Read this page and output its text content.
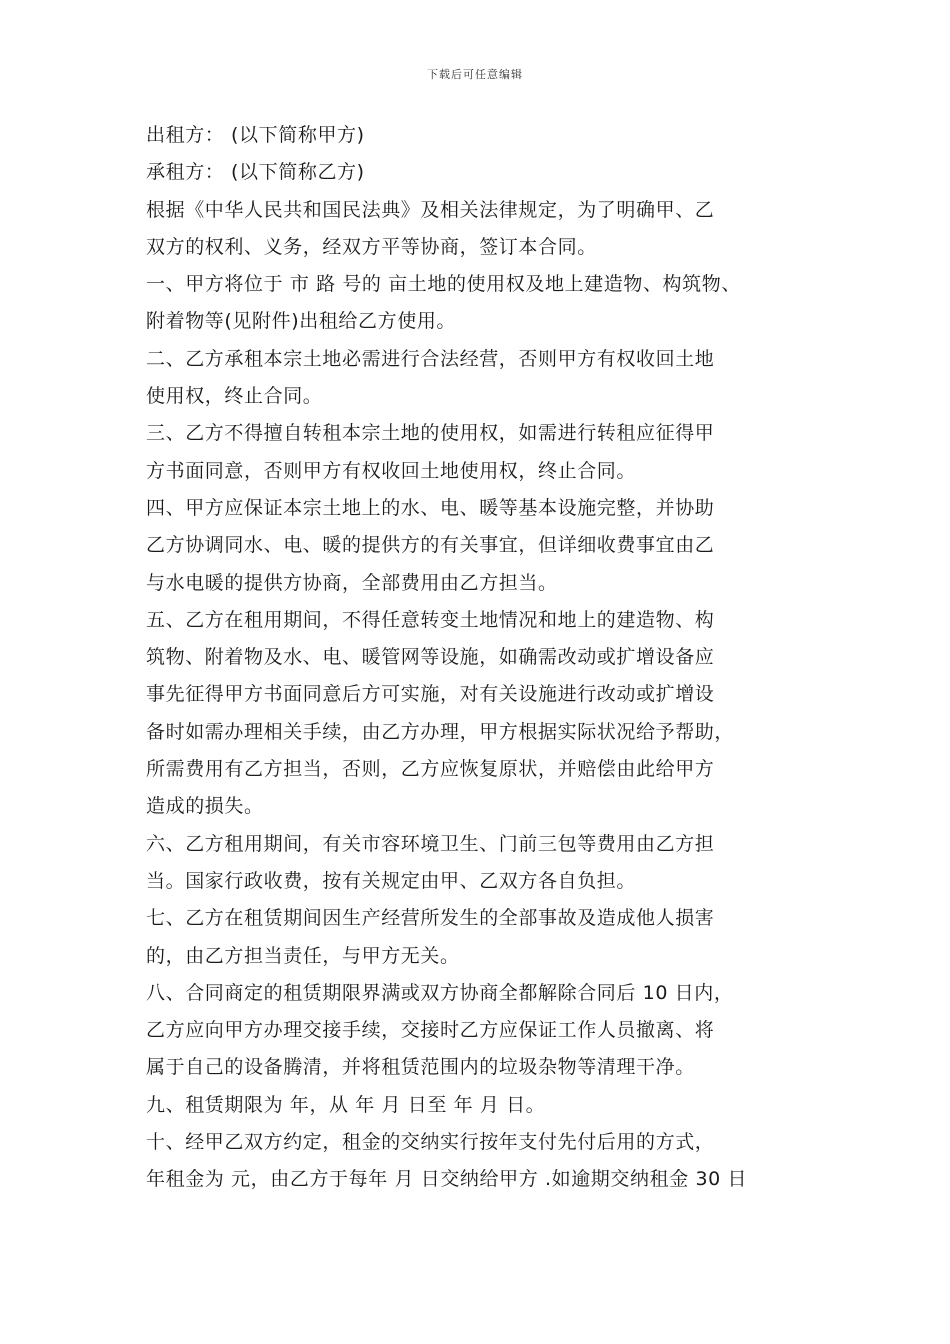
下载后可任意编辑
出租方： (以下简称甲方)
承租方： (以下简称乙方)
根据《中华人民共和国民法典》及相关法律规定，为了明确甲、乙
双方的权利、义务，经双方平等协商，签订本合同。
一、甲方将位于 市 路 号的 亩土地的使用权及地上建造物、构筑物、
附着物等(见附件)出租给乙方使用。
二、乙方承租本宗土地必需进行合法经营，否则甲方有权收回土地
使用权，终止合同。
三、乙方不得擅自转租本宗土地的使用权，如需进行转租应征得甲
方书面同意，否则甲方有权收回土地使用权，终止合同。
四、甲方应保证本宗土地上的水、电、暖等基本设施完整，并协助
乙方协调同水、电、暖的提供方的有关事宜，但详细收费事宜由乙
与水电暖的提供方协商，全部费用由乙方担当。
五、乙方在租用期间，不得任意转变土地情况和地上的建造物、构
筑物、附着物及水、电、暖管网等设施，如确需改动或扩增设备应
事先征得甲方书面同意后方可实施，对有关设施进行改动或扩增设
备时如需办理相关手续，由乙方办理，甲方根据实际状况给予帮助，
所需费用有乙方担当，否则，乙方应恢复原状，并赔偿由此给甲方
造成的损失。
六、乙方租用期间，有关市容环境卫生、门前三包等费用由乙方担
当。国家行政收费，按有关规定由甲、乙双方各自负担。
七、乙方在租赁期间因生产经营所发生的全部事故及造成他人损害
的，由乙方担当责任，与甲方无关。
八、合同商定的租赁期限界满或双方协商全都解除合同后 10 日内，
乙方应向甲方办理交接手续，交接时乙方应保证工作人员撤离、将
属于自己的设备腾清，并将租赁范围内的垃圾杂物等清理干净。
九、租赁期限为 年，从 年 月 日至 年 月 日。
十、经甲乙双方约定，租金的交纳实行按年支付先付后用的方式，
年租金为 元，由乙方于每年 月 日交纳给甲方 .如逾期交纳租金 30 日
